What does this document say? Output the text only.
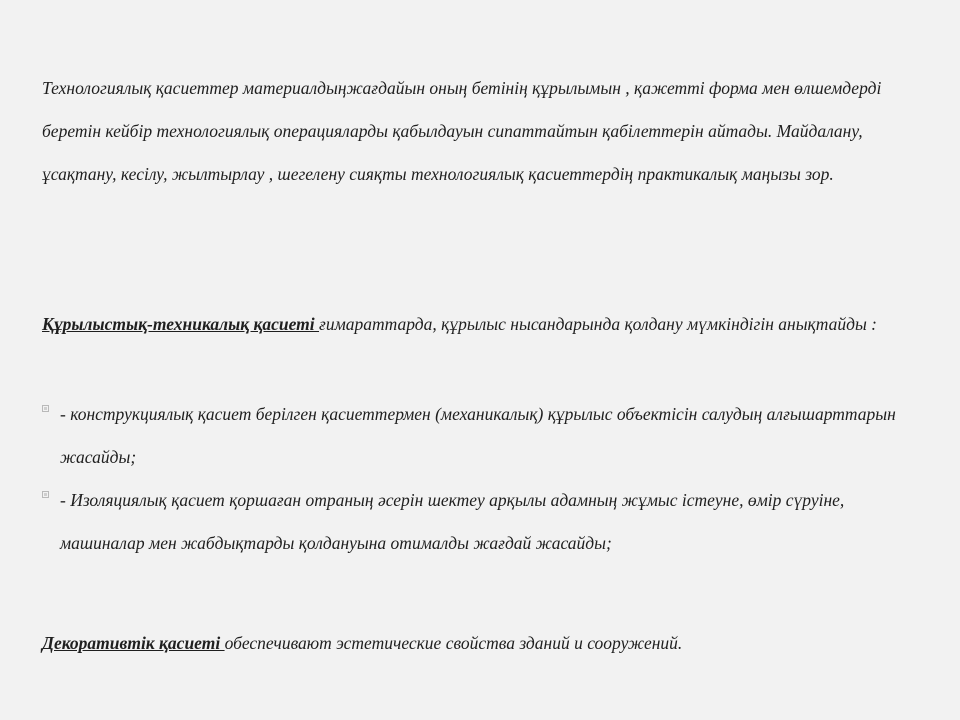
Технологиялық қасиеттер материалдыңжағдайын оның бетінің құрылымын , қажетті форма мен өлшемдерді беретін кейбір технологиялық операцияларды қабылдауын сипаттайтын қабілеттерін айтады. Майдалану, ұсақтану, кесілу, жылтырлау , шегелену сияқты технологиялық қасиеттердің практикалық маңызы зор.

Құрылыстық-техникалық қасиеті ғимараттарда, құрылыс нысандарында қолдану мүмкіндігін анықтайды :

- конструкциялық қасиет берілген қасиеттермен (механикалық) құрылыс объектісін салудың алғышарттарын жасайды;
- Изоляциялық қасиет қоршаған отраның әсерін шектеу арқылы адамның жұмыс істеуне, өмір сүруіне, машиналар мен жабдықтарды қолдануына отималды жағдай жасайды;

Декоративтік қасиеті обеспечивают эстетические свойства зданий и сооружений.
